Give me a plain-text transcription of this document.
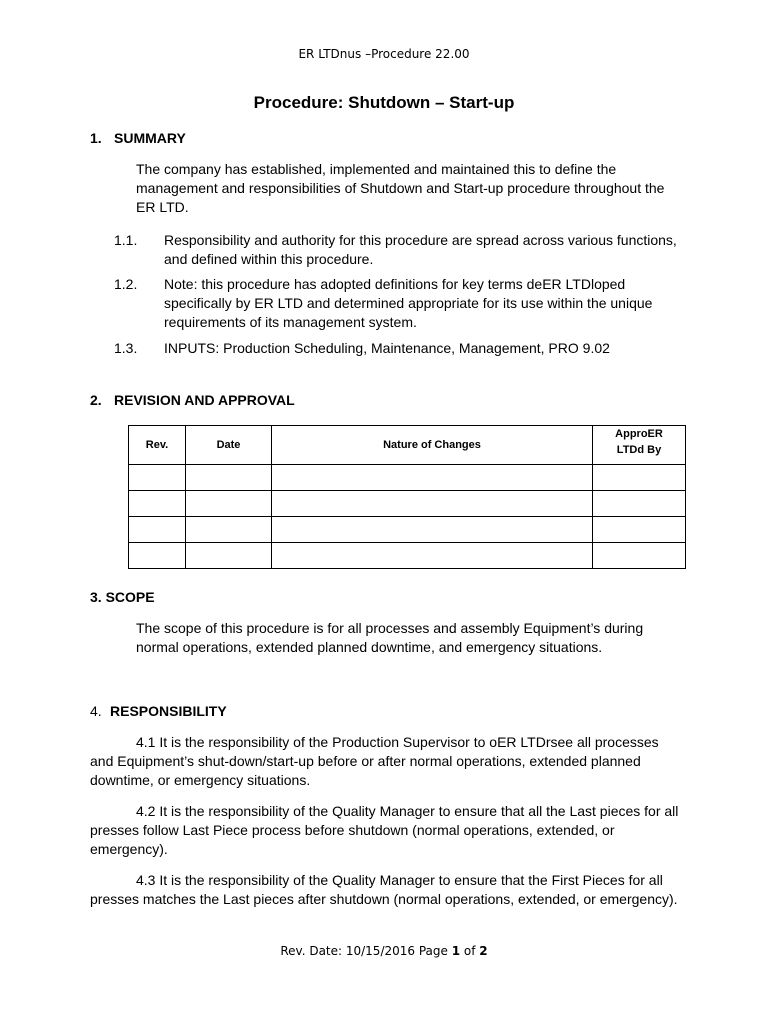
ER LTDnus –Procedure 22.00
Procedure: Shutdown – Start-up
1. SUMMARY
The company has established, implemented and maintained this to define the
management and responsibilities of Shutdown and Start-up procedure throughout the
ER LTD.
1.1. Responsibility and authority for this procedure are spread across various functions,
and defined within this procedure.
1.2. Note: this procedure has adopted definitions for key terms deER LTDloped
specifically by ER LTD and determined appropriate for its use within the unique
requirements of its management system.
1.3. INPUTS: Production Scheduling, Maintenance, Management, PRO 9.02
2. REVISION AND APPROVAL
Rev.	Date	Nature of Changes	ApproER
LTDd By

3. SCOPE
The scope of this procedure is for all processes and assembly Equipment’s during
normal operations, extended planned downtime, and emergency situations.
4. RESPONSIBILITY
4.1 It is the responsibility of the Production Supervisor to oER LTDrsee all processes
and Equipment’s shut-down/start-up before or after normal operations, extended planned
downtime, or emergency situations.
4.2 It is the responsibility of the Quality Manager to ensure that all the Last pieces for all
presses follow Last Piece process before shutdown (normal operations, extended, or
emergency).
4.3 It is the responsibility of the Quality Manager to ensure that the First Pieces for all
presses matches the Last pieces after shutdown (normal operations, extended, or emergency).
Rev. Date: 10/15/2016 Page 1 of 2
